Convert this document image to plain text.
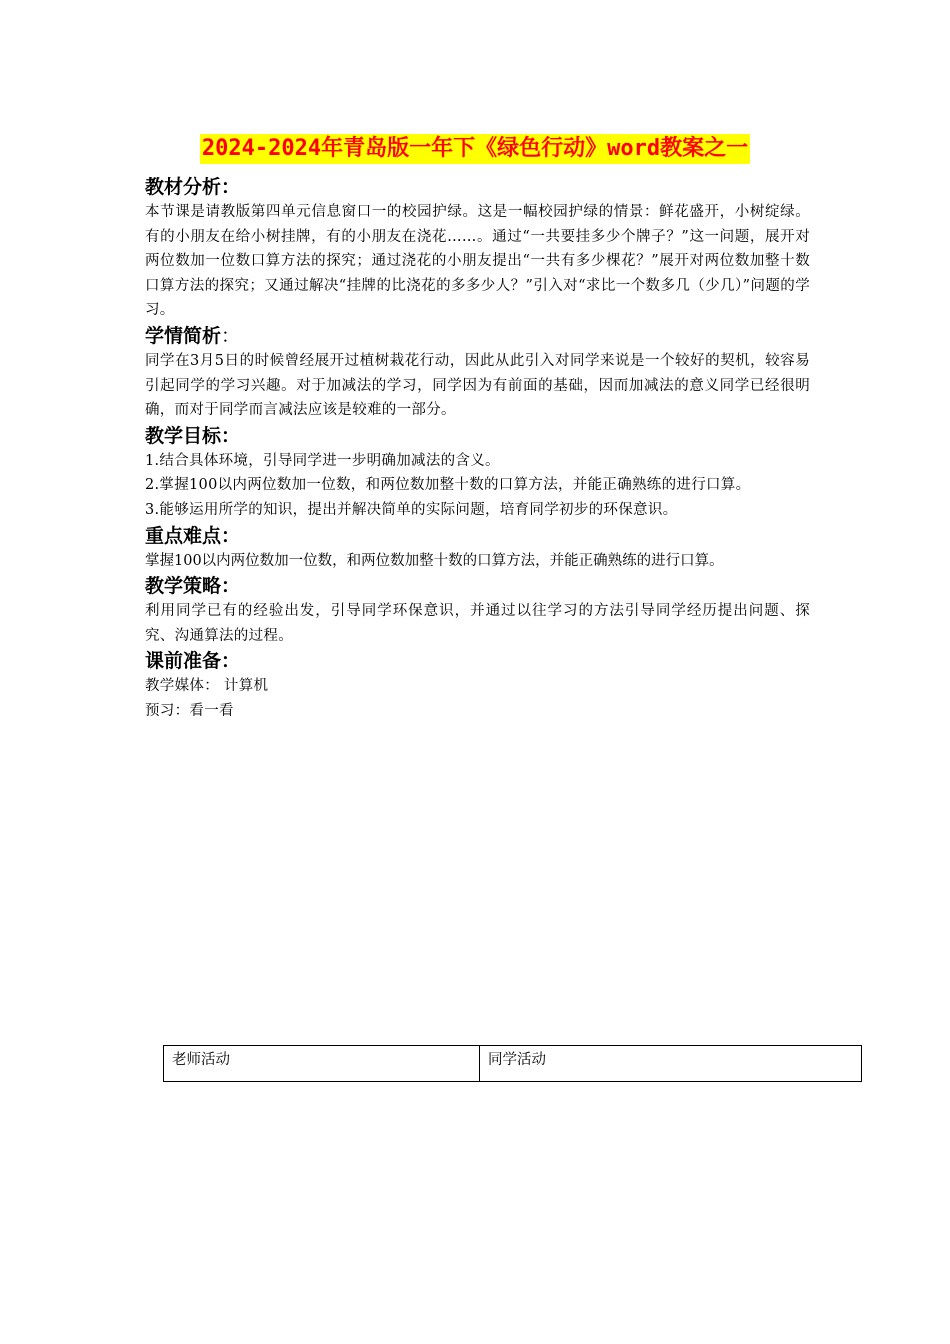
2024-2024年青岛版一年下《绿色行动》word教案之一

教材分析：

本节课是请教版第四单元信息窗口一的校园护绿。这是一幅校园护绿的情景：鲜花盛开，小树绽绿。有的小朋友在给小树挂牌，有的小朋友在浇花……。通过“一共要挂多少个牌子？”这一问题，展开对两位数加一位数口算方法的探究；通过浇花的小朋友提出“一共有多少棵花？”展开对两位数加整十数口算方法的探究；又通过解决“挂牌的比浇花的多多少人？”引入对“求比一个数多几（少几）”问题的学习。

学情简析：

同学在3月5日的时候曾经展开过植树栽花行动，因此从此引入对同学来说是一个较好的契机，较容易引起同学的学习兴趣。对于加减法的学习，同学因为有前面的基础，因而加减法的意义同学已经很明确，而对于同学而言减法应该是较难的一部分。

教学目标：

1.结合具体环境，引导同学进一步明确加减法的含义。

2.掌握100以内两位数加一位数，和两位数加整十数的口算方法，并能正确熟练的进行口算。

3.能够运用所学的知识，提出并解决简单的实际问题，培育同学初步的环保意识。

重点难点：

掌握100以内两位数加一位数，和两位数加整十数的口算方法，并能正确熟练的进行口算。

教学策略：

利用同学已有的经验出发，引导同学环保意识，并通过以往学习的方法引导同学经历提出问题、探究、沟通算法的过程。

课前准备：

教学媒体： 计算机

预习：看一看

老师活动	同学活动
